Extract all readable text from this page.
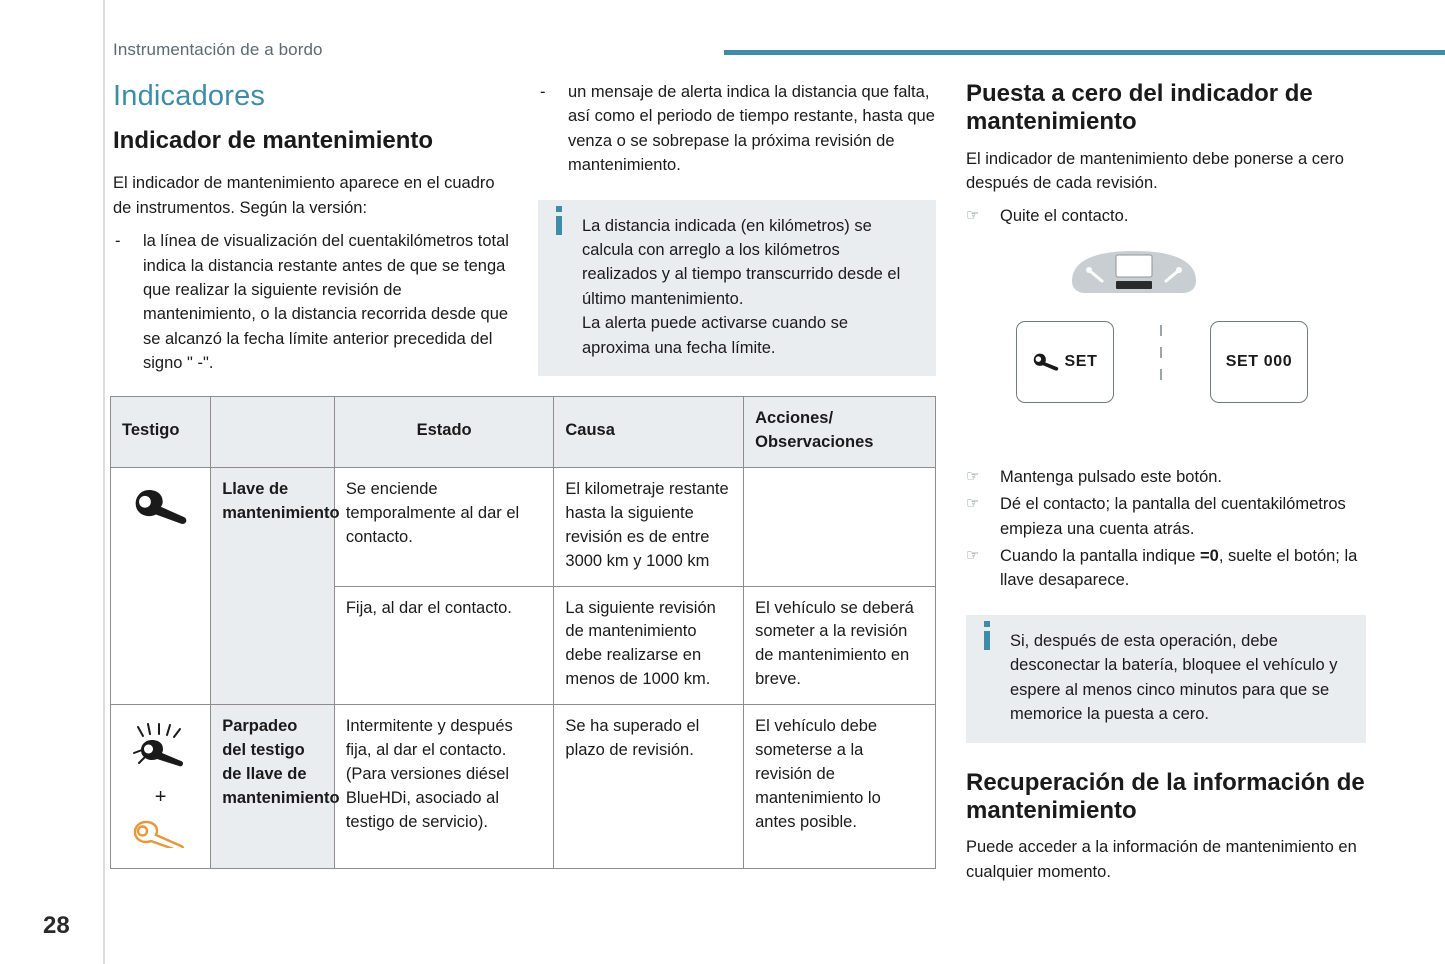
Instrumentación de a bordo
28
Indicadores
Indicador de mantenimiento

El indicador de mantenimiento aparece en el cuadro de instrumentos. Según la versión:

- la línea de visualización del cuentakilómetros total indica la distancia restante antes de que se tenga que realizar la siguiente revisión de mantenimiento, o la distancia recorrida desde que se alcanzó la fecha límite anterior precedida del signo " -".
- un mensaje de alerta indica la distancia que falta, así como el periodo de tiempo restante, hasta que venza o se sobrepase la próxima revisión de mantenimiento.

La distancia indicada (en kilómetros) se calcula con arreglo a los kilómetros realizados y al tiempo transcurrido desde el último mantenimiento.

La alerta puede activarse cuando se aproxima una fecha límite.

Testigo		Estado	Causa	Acciones/ Observaciones
	Llave de mantenimiento	Se enciende temporalmente al dar el contacto.	El kilometraje restante hasta la siguiente revisión es de entre 3000 km y 1000 km	
		Fija, al dar el contacto.	La siguiente revisión de mantenimiento debe realizarse en menos de 1000 km.	El vehículo se deberá someter a la revisión de mantenimiento en breve.

+	Parpadeo del testigo de llave de mantenimiento	Intermitente y después fija, al dar el contacto. (Para versiones diésel BlueHDi, asociado al testigo de servicio).	Se ha superado el plazo de revisión.	El vehículo debe someterse a la revisión de mantenimiento lo antes posible.
Puesta a cero del indicador de mantenimiento

El indicador de mantenimiento debe ponerse a cero después de cada revisión.

☞ Quite el contacto.
SET	SET 000
☞ Mantenga pulsado este botón.
☞ Dé el contacto; la pantalla del cuentakilómetros empieza una cuenta atrás.
☞ Cuando la pantalla indique =0, suelte el botón; la llave desaparece.

Si, después de esta operación, debe desconectar la batería, bloquee el vehículo y espere al menos cinco minutos para que se memorice la puesta a cero.

Recuperación de la información de mantenimiento

Puede acceder a la información de mantenimiento en cualquier momento.
